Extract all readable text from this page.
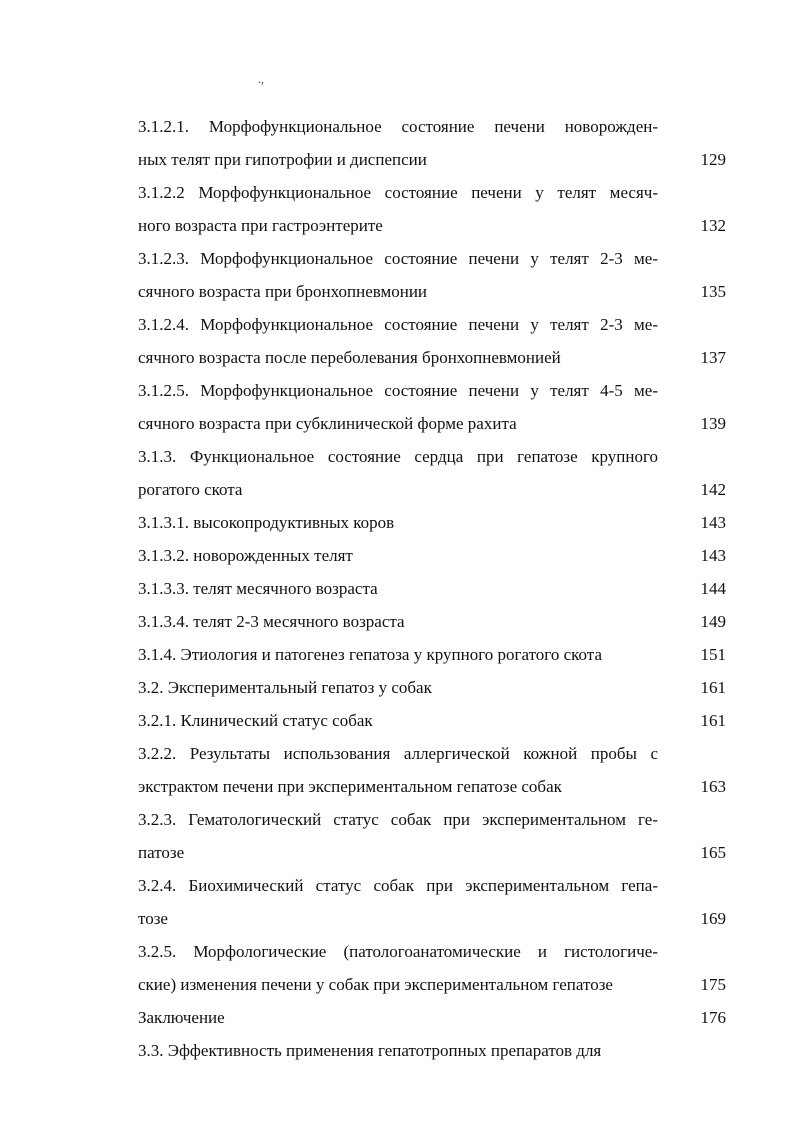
.,
3.1.2.1. Морфофункциональное состояние печени новорожден-
ных телят при гипотрофии и диспепсии	129
3.1.2.2 Морфофункциональное состояние печени у телят месяч-
ного возраста при гастроэнтерите	132
3.1.2.3. Морфофункциональное состояние печени у телят 2-3 ме-
сячного возраста при бронхопневмонии	135
3.1.2.4. Морфофункциональное состояние печени у телят 2-3 ме-
сячного возраста после переболевания бронхопневмонией	137
3.1.2.5. Морфофункциональное состояние печени у телят 4-5 ме-
сячного возраста при субклинической форме рахита	139
3.1.3. Функциональное состояние сердца при гепатозе крупного
рогатого скота	142
3.1.3.1. высокопродуктивных коров	143
3.1.3.2. новорожденных телят	143
3.1.3.3. телят месячного возраста	144
3.1.3.4. телят 2-3 месячного возраста	149
3.1.4. Этиология и патогенез гепатоза у крупного рогатого скота	151
3.2. Экспериментальный гепатоз у собак	161
3.2.1. Клинический статус собак	161
3.2.2. Результаты использования аллергической кожной пробы с
экстрактом печени при экспериментальном гепатозе собак	163
3.2.3. Гематологический статус собак при экспериментальном ге-
патозе	165
3.2.4. Биохимический статус собак при экспериментальном гепа-
тозе	169
3.2.5. Морфологические (патологоанатомические и гистологиче-
ские) изменения печени у собак при экспериментальном гепатозе	175
Заключение	176
3.3. Эффективность применения гепатотропных препаратов для
